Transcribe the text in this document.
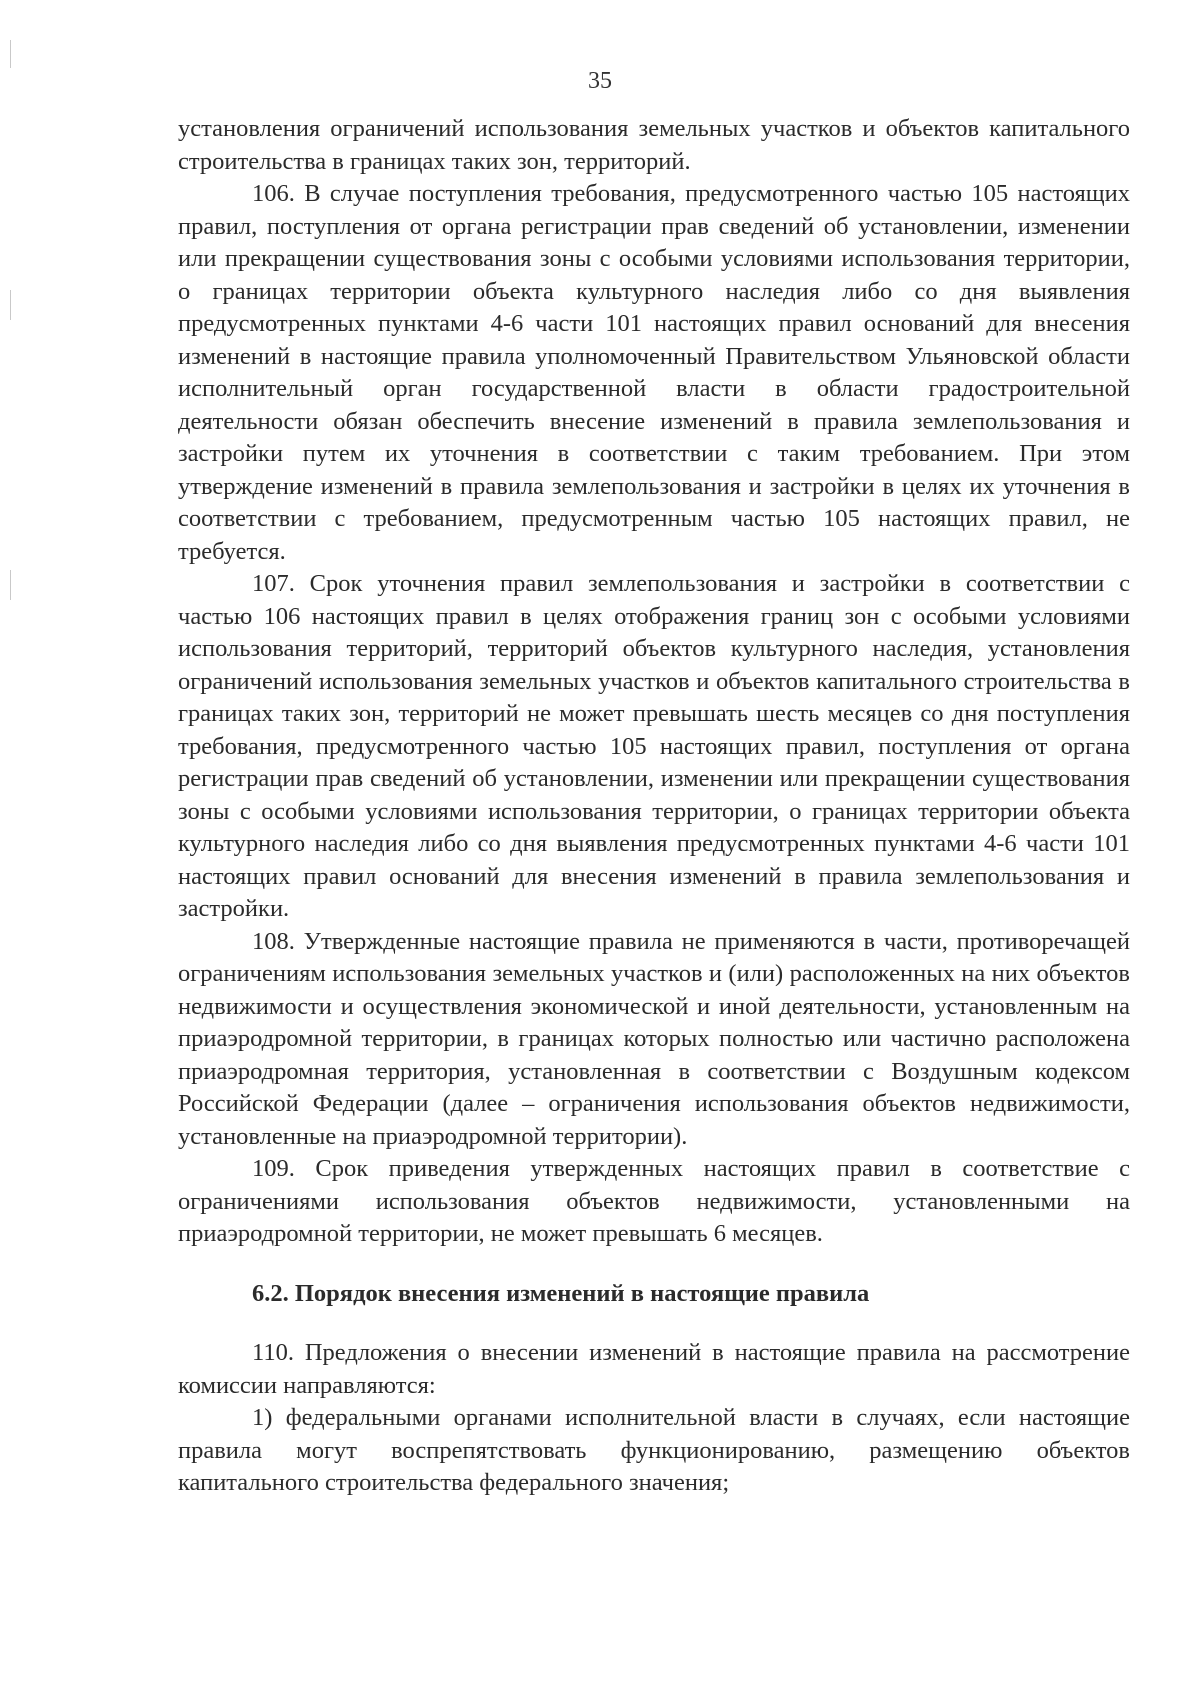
35

установления ограничений использования земельных участков и объектов капитального строительства в границах таких зон, территорий.

106. В случае поступления требования, предусмотренного частью 105 настоящих правил, поступления от органа регистрации прав сведений об установлении, изменении или прекращении существования зоны с особыми условиями использования территории, о границах территории объекта культурного наследия либо со дня выявления предусмотренных пунктами 4-6 части 101 настоящих правил оснований для внесения изменений в настоящие правила уполномоченный Правительством Ульяновской области исполнительный орган государственной власти в области градостроительной деятельности обязан обеспечить внесение изменений в правила землепользования и застройки путем их уточнения в соответствии с таким требованием. При этом утверждение изменений в правила землепользования и застройки в целях их уточнения в соответствии с требованием, предусмотренным частью 105 настоящих правил, не требуется.

107. Срок уточнения правил землепользования и застройки в соответствии с частью 106 настоящих правил в целях отображения границ зон с особыми условиями использования территорий, территорий объектов культурного наследия, установления ограничений использования земельных участков и объектов капитального строительства в границах таких зон, территорий не может превышать шесть месяцев со дня поступления требования, предусмотренного частью 105 настоящих правил, поступления от органа регистрации прав сведений об установлении, изменении или прекращении существования зоны с особыми условиями использования территории, о границах территории объекта культурного наследия либо со дня выявления предусмотренных пунктами 4-6 части 101 настоящих правил оснований для внесения изменений в правила землепользования и застройки.

108. Утвержденные настоящие правила не применяются в части, противоречащей ограничениям использования земельных участков и (или) расположенных на них объектов недвижимости и осуществления экономической и иной деятельности, установленным на приаэродромной территории, в границах которых полностью или частично расположена приаэродромная территория, установленная в соответствии с Воздушным кодексом Российской Федерации (далее – ограничения использования объектов недвижимости, установленные на приаэродромной территории).

109. Срок приведения утвержденных настоящих правил в соответствие с ограничениями использования объектов недвижимости, установленными на приаэродромной территории, не может превышать 6 месяцев.

6.2. Порядок внесения изменений в настоящие правила

110. Предложения о внесении изменений в настоящие правила на рассмотрение комиссии направляются:

1) федеральными органами исполнительной власти в случаях, если настоящие правила могут воспрепятствовать функционированию, размещению объектов капитального строительства федерального значения;
